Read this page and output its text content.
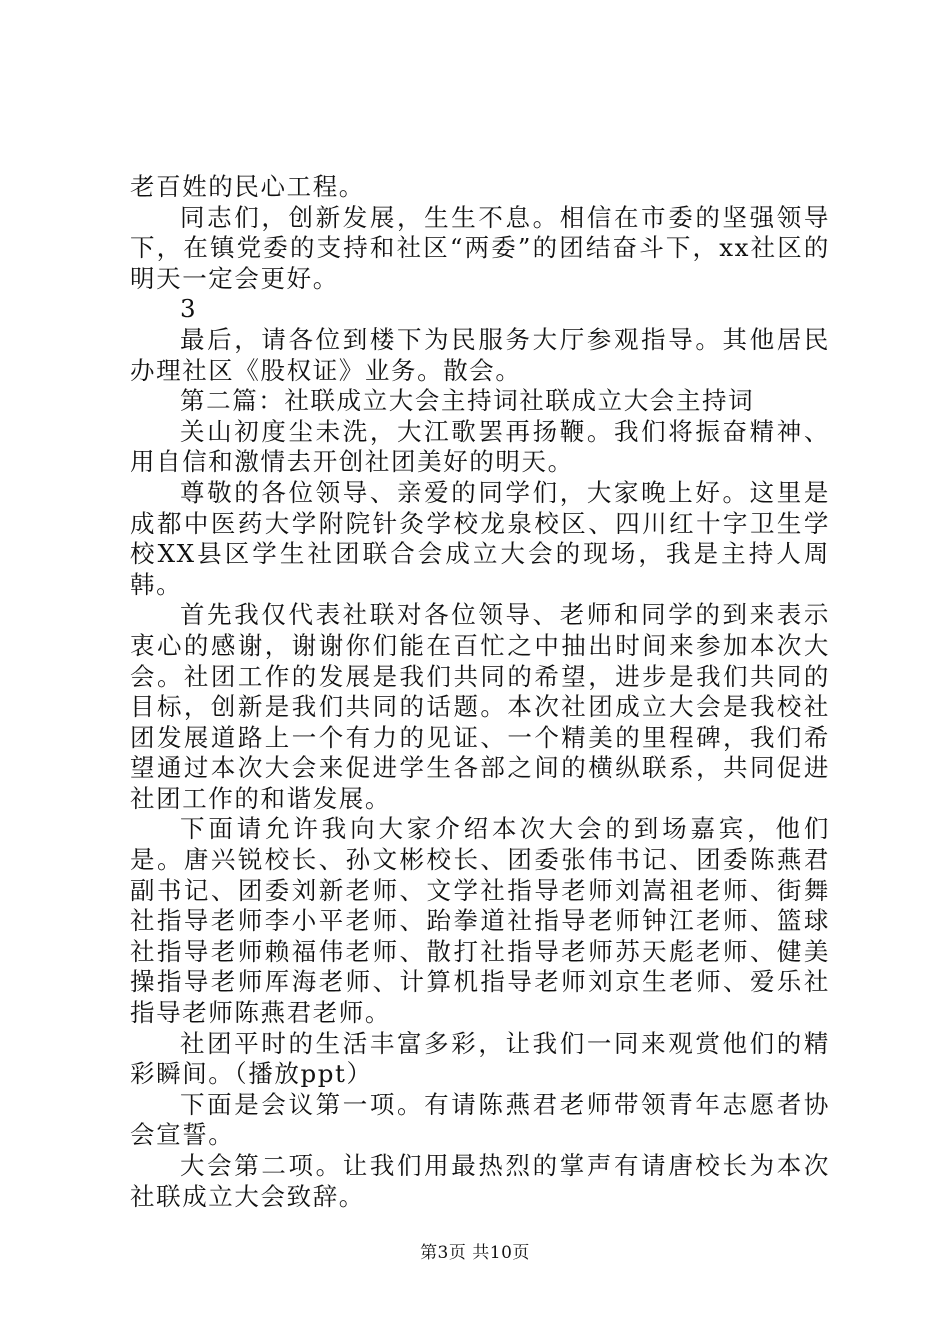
老百姓的民心工程。

同志们，创新发展，生生不息。相信在市委的坚强领导下，在镇党委的支持和社区“两委”的团结奋斗下，xx社区的明天一定会更好。

3

最后，请各位到楼下为民服务大厅参观指导。其他居民办理社区《股权证》业务。散会。

第二篇：社联成立大会主持词社联成立大会主持词

关山初度尘未洗，大江歌罢再扬鞭。我们将振奋精神、用自信和激情去开创社团美好的明天。

尊敬的各位领导、亲爱的同学们，大家晚上好。这里是成都中医药大学附院针灸学校龙泉校区、四川红十字卫生学校XX县区学生社团联合会成立大会的现场，我是主持人周韩。

首先我仅代表社联对各位领导、老师和同学的到来表示衷心的感谢，谢谢你们能在百忙之中抽出时间来参加本次大会。社团工作的发展是我们共同的希望，进步是我们共同的目标，创新是我们共同的话题。本次社团成立大会是我校社团发展道路上一个有力的见证、一个精美的里程碑，我们希望通过本次大会来促进学生各部之间的横纵联系，共同促进社团工作的和谐发展。

下面请允许我向大家介绍本次大会的到场嘉宾，他们是。唐兴锐校长、孙文彬校长、团委张伟书记、团委陈燕君副书记、团委刘新老师、文学社指导老师刘嵩祖老师、街舞社指导老师李小平老师、跆拳道社指导老师钟江老师、篮球社指导老师赖福伟老师、散打社指导老师苏天彪老师、健美操指导老师厍海老师、计算机指导老师刘京生老师、爱乐社指导老师陈燕君老师。

社团平时的生活丰富多彩，让我们一同来观赏他们的精彩瞬间。（播放ppt）

下面是会议第一项。有请陈燕君老师带领青年志愿者协会宣誓。

大会第二项。让我们用最热烈的掌声有请唐校长为本次社联成立大会致辞。

第3页 共10页
